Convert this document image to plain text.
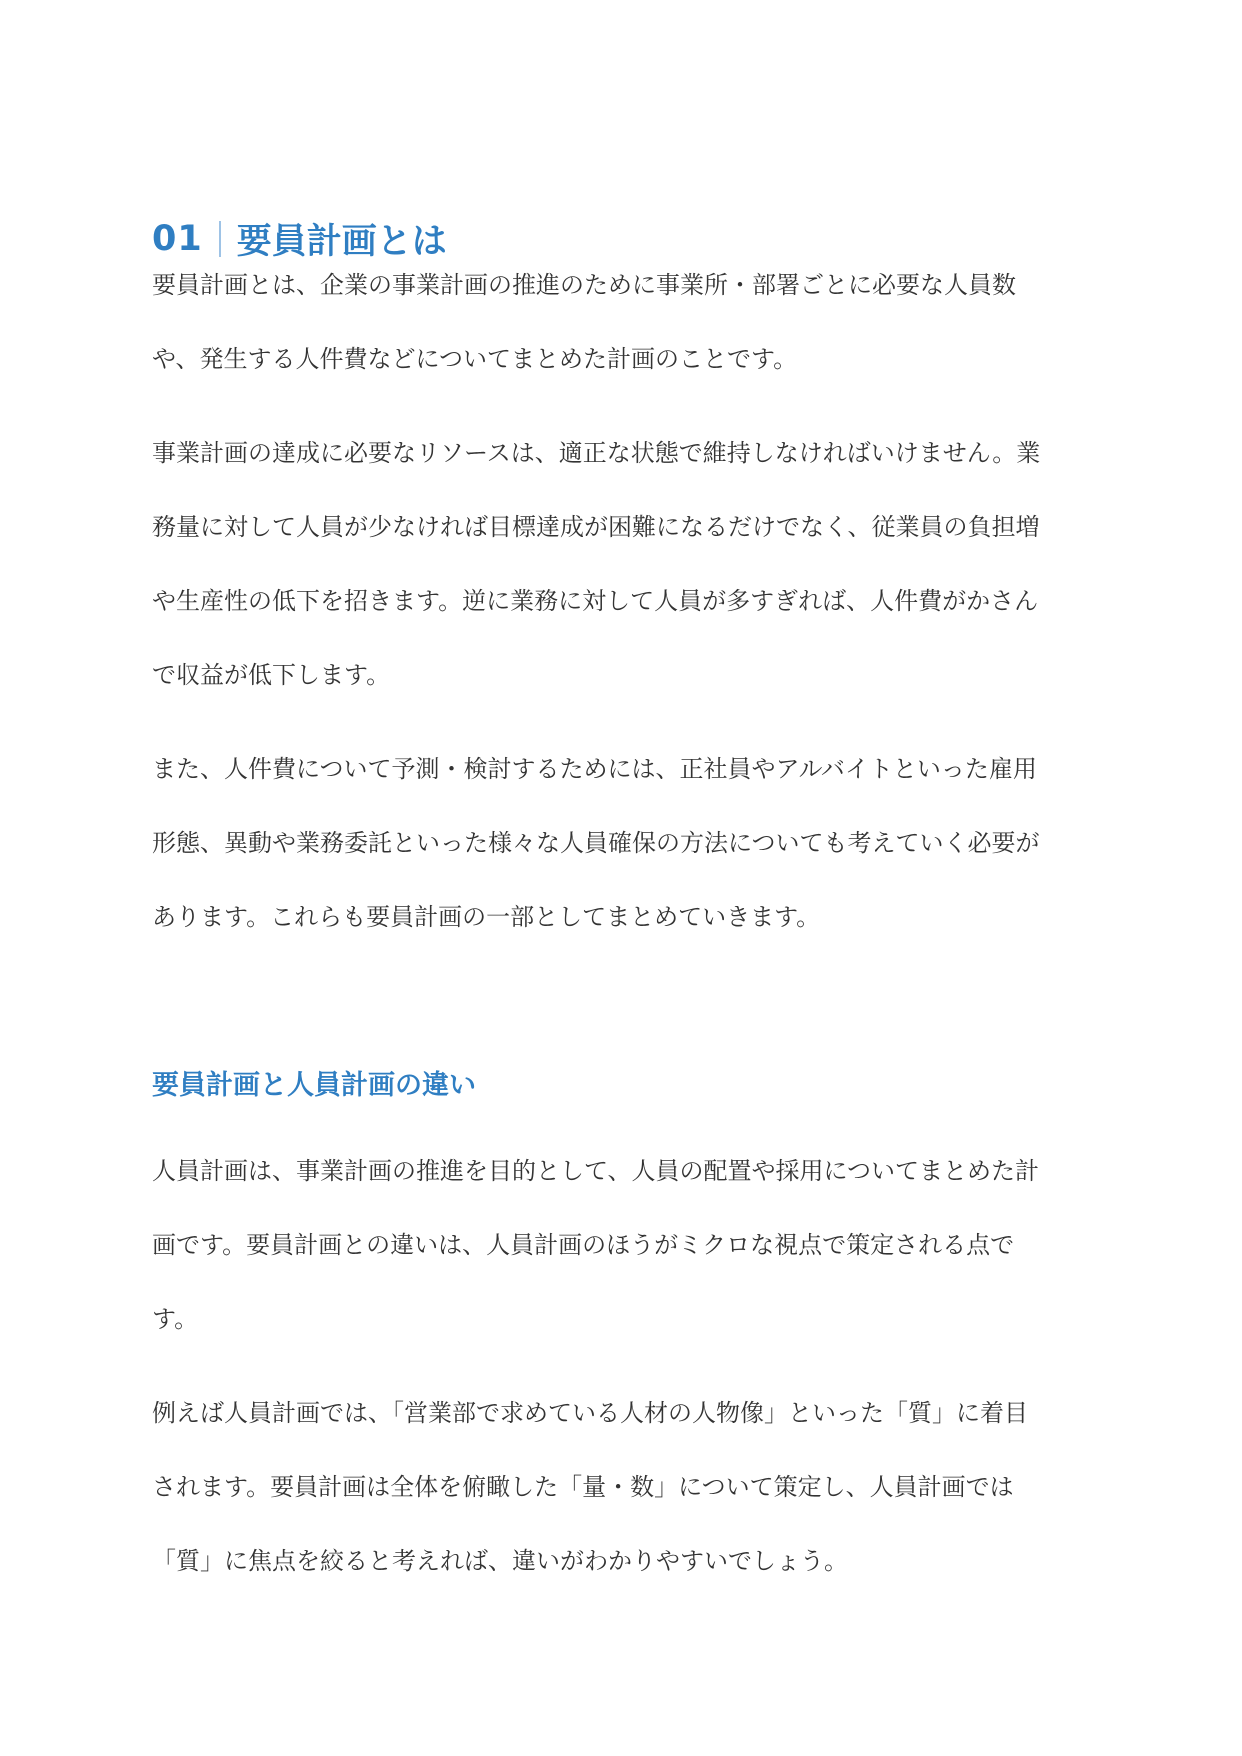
01 要員計画とは

要員計画とは、企業の事業計画の推進のために事業所・部署ごとに必要な人員数
や、発生する人件費などについてまとめた計画のことです。

事業計画の達成に必要なリソースは、適正な状態で維持しなければいけません。業
務量に対して人員が少なければ目標達成が困難になるだけでなく、従業員の負担増
や生産性の低下を招きます。逆に業務に対して人員が多すぎれば、人件費がかさん
で収益が低下します。

また、人件費について予測・検討するためには、正社員やアルバイトといった雇用
形態、異動や業務委託といった様々な人員確保の方法についても考えていく必要が
あります。これらも要員計画の一部としてまとめていきます。

要員計画と人員計画の違い

人員計画は、事業計画の推進を目的として、人員の配置や採用についてまとめた計
画です。要員計画との違いは、人員計画のほうがミクロな視点で策定される点で
す。

例えば人員計画では、「営業部で求めている人材の人物像」といった「質」に着目
されます。要員計画は全体を俯瞰した「量・数」について策定し、人員計画では
「質」に焦点を絞ると考えれば、違いがわかりやすいでしょう。
